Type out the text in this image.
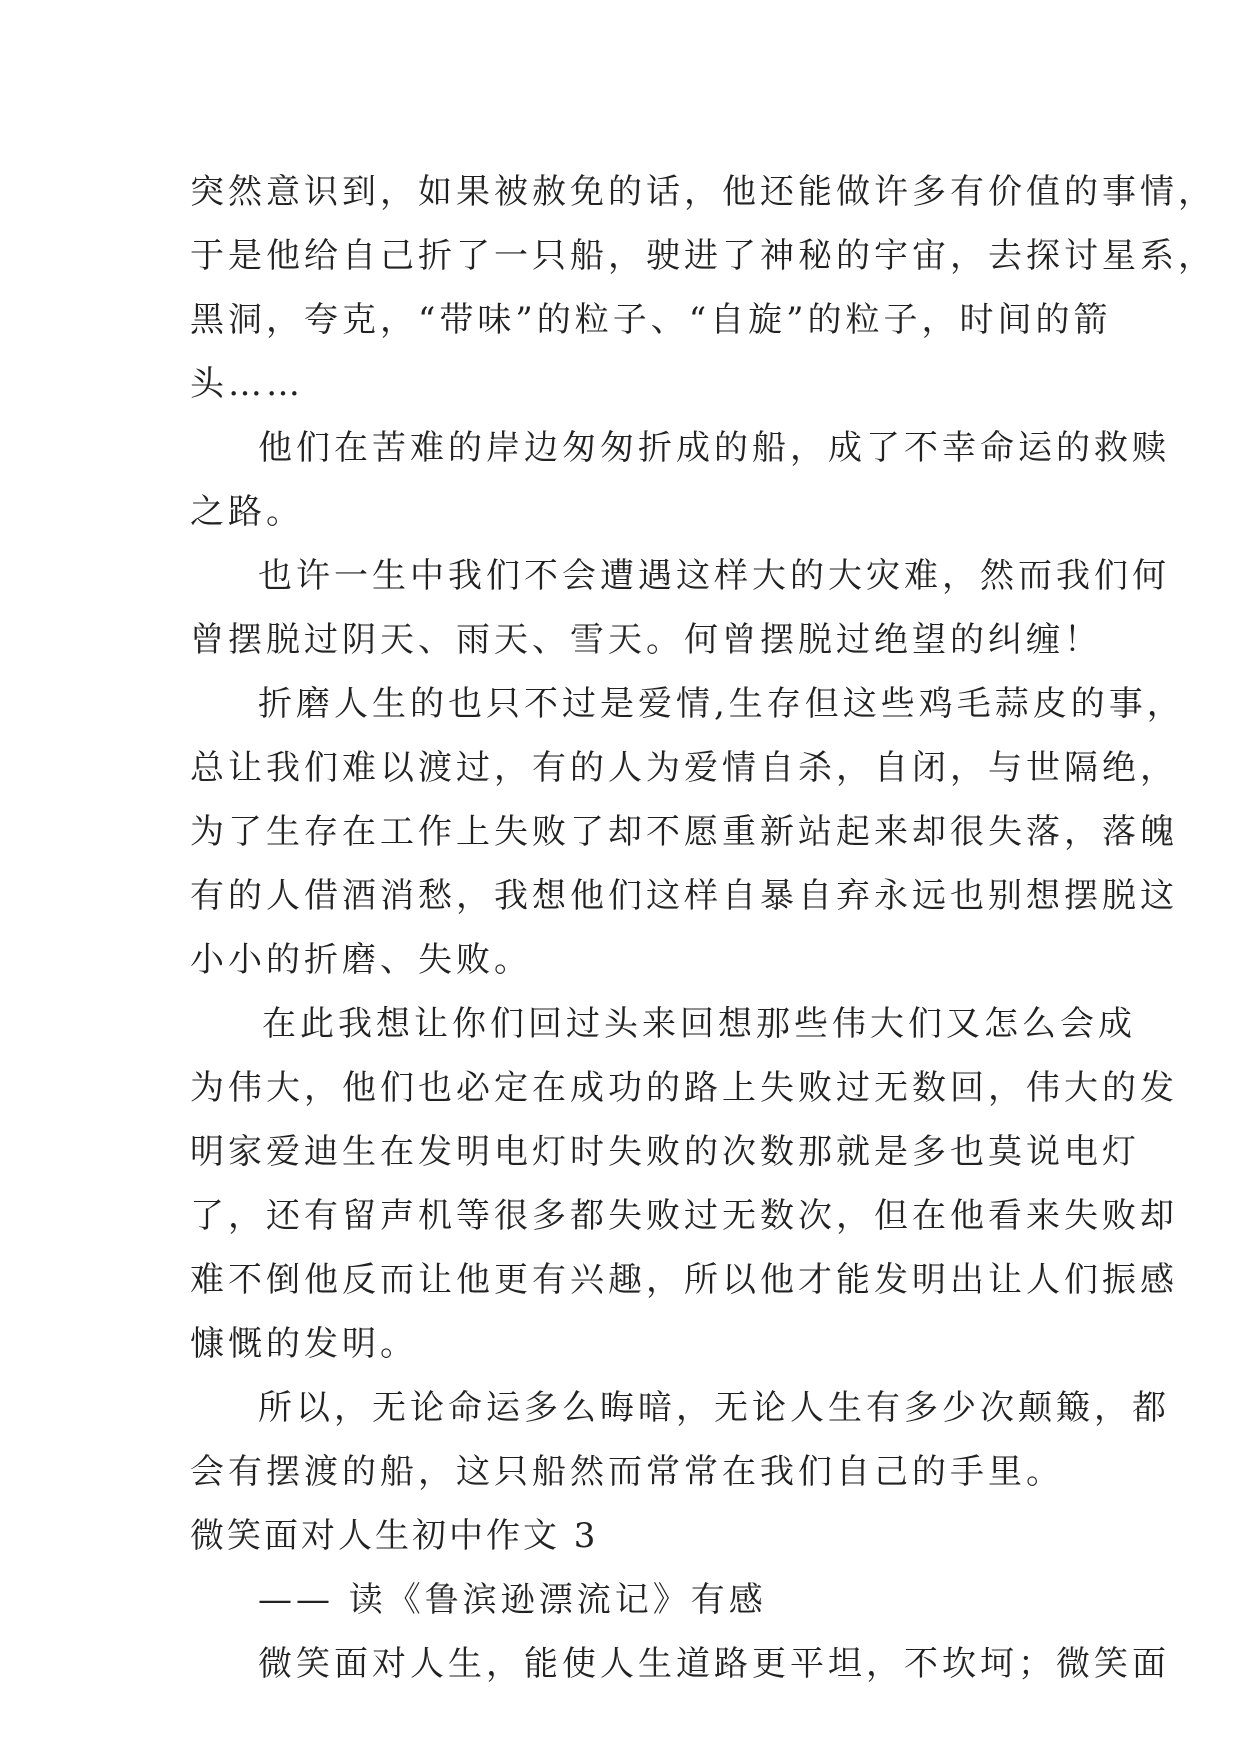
突然意识到，如果被赦免的话，他还能做许多有价值的事情，
于是他给自己折了一只船，驶进了神秘的宇宙，去探讨星系，
黑洞，夸克，“带味”的粒子、“自旋”的粒子，时间的箭
头……
他们在苦难的岸边匆匆折成的船，成了不幸命运的救赎
之路。
也许一生中我们不会遭遇这样大的大灾难，然而我们何
曾摆脱过阴天、雨天、雪天。何曾摆脱过绝望的纠缠！
折磨人生的也只不过是爱情,生存但这些鸡毛蒜皮的事，
总让我们难以渡过，有的人为爱情自杀，自闭，与世隔绝，
为了生存在工作上失败了却不愿重新站起来却很失落，落魄
有的人借酒消愁，我想他们这样自暴自弃永远也别想摆脱这
小小的折磨、失败。
在此我想让你们回过头来回想那些伟大们又怎么会成
为伟大，他们也必定在成功的路上失败过无数回，伟大的发
明家爱迪生在发明电灯时失败的次数那就是多也莫说电灯
了，还有留声机等很多都失败过无数次，但在他看来失败却
难不倒他反而让他更有兴趣，所以他才能发明出让人们振感
慷慨的发明。
所以，无论命运多么晦暗，无论人生有多少次颠簸，都
会有摆渡的船，这只船然而常常在我们自己的手里。
微笑面对人生初中作文 3
—— 读《鲁滨逊漂流记》有感
微笑面对人生，能使人生道路更平坦，不坎坷；微笑面
